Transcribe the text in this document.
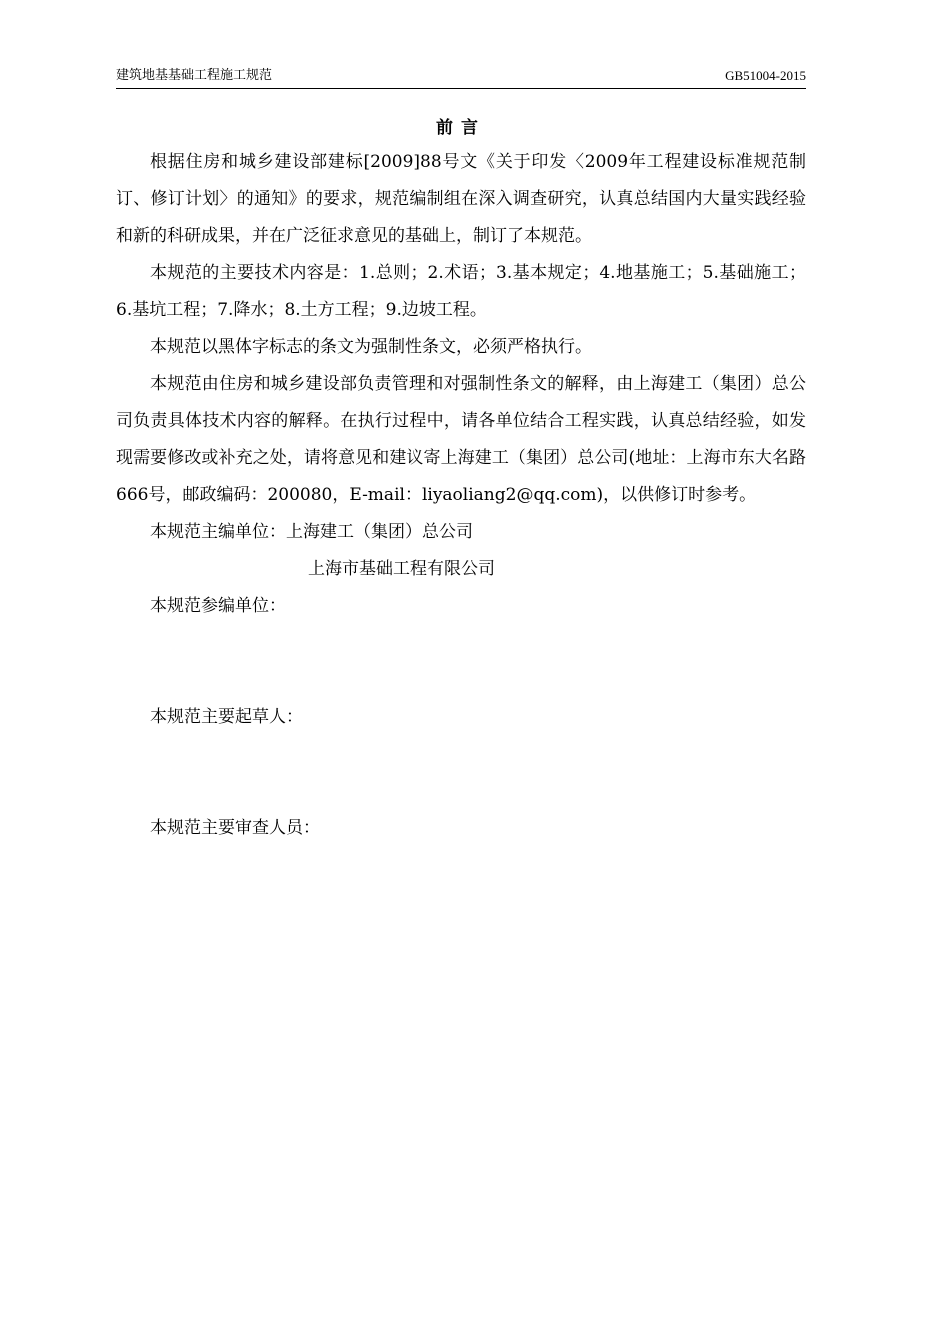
建筑地基基础工程施工规范	GB51004-2015
前言

根据住房和城乡建设部建标[2009]88号文《关于印发〈2009年工程建设标准规范制订、修订计划〉的通知》的要求，规范编制组在深入调查研究，认真总结国内大量实践经验和新的科研成果，并在广泛征求意见的基础上，制订了本规范。

本规范的主要技术内容是：1.总则；2.术语；3.基本规定；4.地基施工；5.基础施工；6.基坑工程；7.降水；8.土方工程；9.边坡工程。

本规范以黑体字标志的条文为强制性条文，必须严格执行。

本规范由住房和城乡建设部负责管理和对强制性条文的解释，由上海建工（集团）总公司负责具体技术内容的解释。在执行过程中，请各单位结合工程实践，认真总结经验，如发现需要修改或补充之处，请将意见和建议寄上海建工（集团）总公司(地址：上海市东大名路666号，邮政编码：200080，E-mail：liyaoliang2@qq.com)，以供修订时参考。

本规范主编单位：上海建工（集团）总公司

上海市基础工程有限公司

本规范参编单位：

本规范主要起草人：

本规范主要审查人员：
